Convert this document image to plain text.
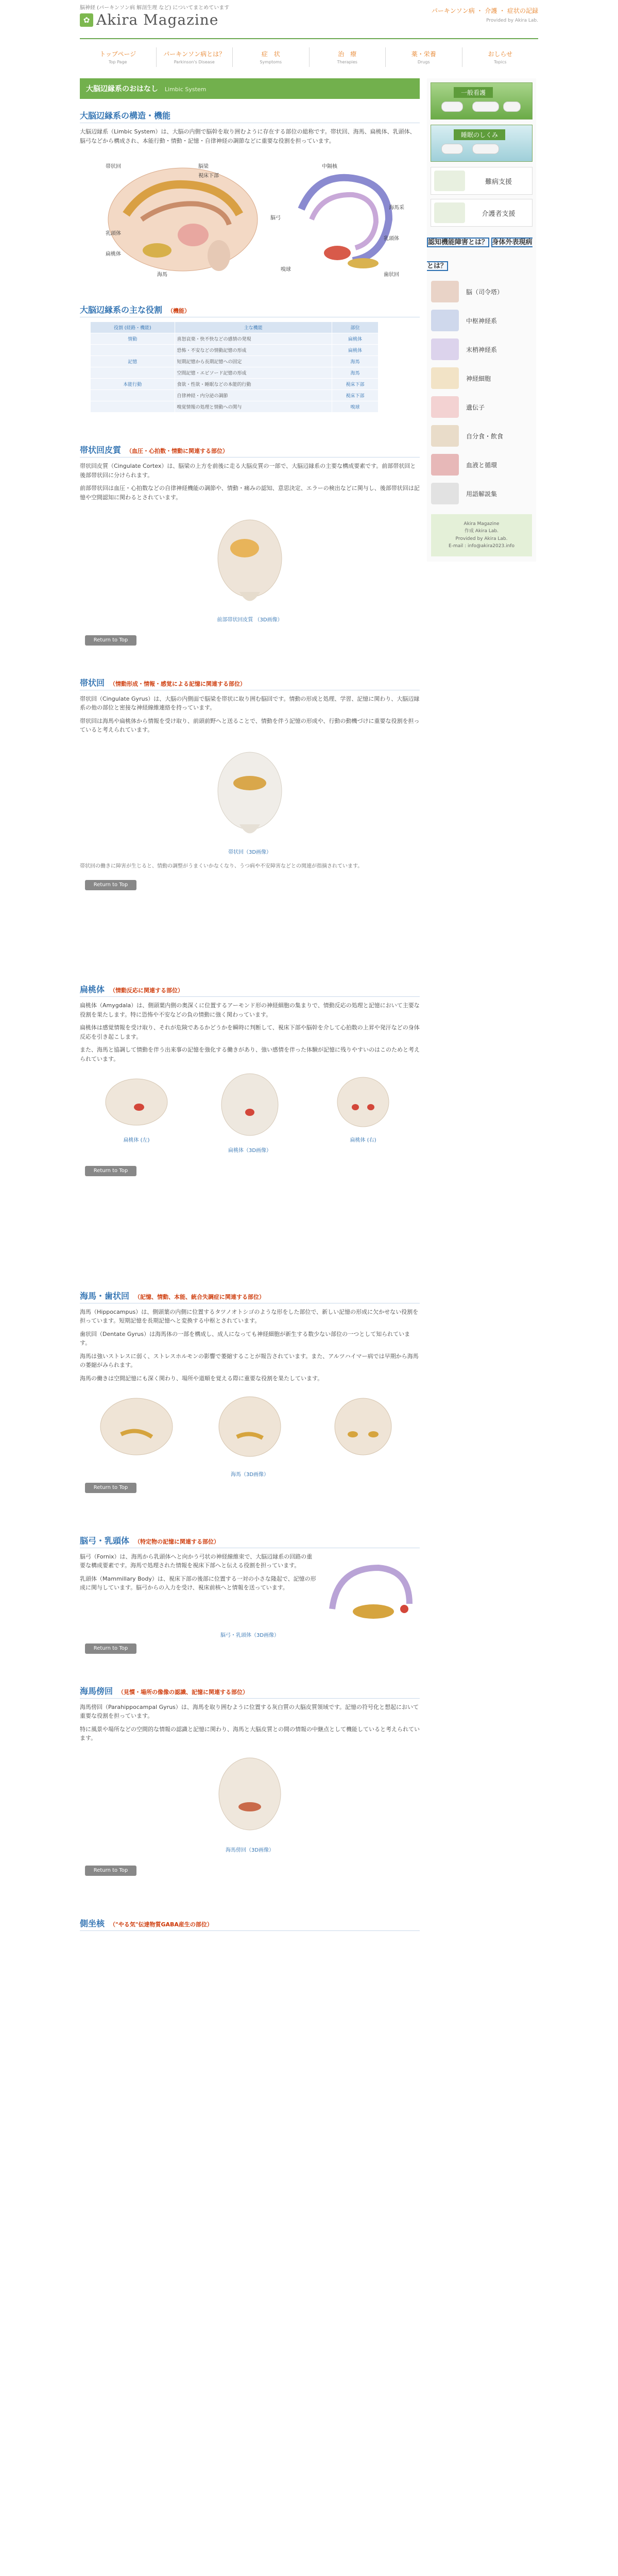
脳神経 (パーキンソン病 解剖生理 など) についてまとめています
✿ Akira Magazine
パーキンソン病 ・ 介護 ・ 症状の記録
Provided by Akira Lab.
トップページ
Top Page
パーキンソン病とは？
Parkinson's Disease
症　状
Symptoms
治　療
Therapies
薬・栄養
Drugs
おしらせ
Topics
大脳辺縁系のおはなし Limbic System
大脳辺縁系の構造・機能

大脳辺縁系（Limbic System）は、大脳の内側で脳幹を取り囲むように存在する部位の総称です。帯状回、海馬、扁桃体、乳頭体、脳弓などから構成され、本能行動・情動・記憶・自律神経の調節などに重要な役割を担っています。

帯状回	脳梁
視床下部
乳頭体
扁桃体
海馬
脳弓
嗅球
中隔核
海馬采
乳頭体
歯状回
大脳辺縁系の主な役割 （機能）
役割 (経路・機能)	主な機能	部位
情動	喜怒哀楽・快不快などの感情の発現	扁桃体
	恐怖・不安などの情動記憶の形成	扁桃体
記憶	短期記憶から長期記憶への固定	海馬
	空間記憶・エピソード記憶の形成	海馬
本能行動	食欲・性欲・睡眠などの本能的行動	視床下部
	自律神経・内分泌の調節	視床下部
	嗅覚情報の処理と情動への関与	嗅球
帯状回皮質 （血圧・心拍数・情動に関連する部位）

帯状回皮質（Cingulate Cortex）は、脳梁の上方を前後に走る大脳皮質の一部で、大脳辺縁系の主要な構成要素です。前部帯状回と後部帯状回に分けられます。

前部帯状回は血圧・心拍数などの自律神経機能の調節や、情動・痛みの認知、意思決定、エラーの検出などに関与し、後部帯状回は記憶や空間認知に関わるとされています。

前部帯状回皮質 （3D画像）
Return to Top
帯状回 （情動形成・情報・感覚による記憶に関連する部位）

帯状回（Cingulate Gyrus）は、大脳の内側面で脳梁を帯状に取り囲む脳回です。情動の形成と処理、学習、記憶に関わり、大脳辺縁系の他の部位と密接な神経線維連絡を持っています。

帯状回は海馬や扁桃体から情報を受け取り、前頭前野へと送ることで、情動を伴う記憶の形成や、行動の動機づけに重要な役割を担っていると考えられています。

帯状回（3D画像）

帯状回の働きに障害が生じると、情動の調整がうまくいかなくなり、うつ病や不安障害などとの関連が指摘されています。

Return to Top
扁桃体 （情動反応に関連する部位）

扁桃体（Amygdala）は、側頭葉内側の奥深くに位置するアーモンド形の神経細胞の集まりで、情動反応の処理と記憶において主要な役割を果たします。特に恐怖や不安などの負の情動に強く関わっています。

扁桃体は感覚情報を受け取り、それが危険であるかどうかを瞬時に判断して、視床下部や脳幹を介して心拍数の上昇や発汗などの身体反応を引き起こします。

また、海馬と協調して情動を伴う出来事の記憶を強化する働きがあり、強い感情を伴った体験が記憶に残りやすいのはこのためと考えられています。

扁桃体 (左)
扁桃体（3D画像）
扁桃体 (右)
Return to Top
海馬・歯状回 （記憶、情動、本能、統合失調症に関連する部位）

海馬（Hippocampus）は、側頭葉の内側に位置するタツノオトシゴのような形をした部位で、新しい記憶の形成に欠かせない役割を担っています。短期記憶を長期記憶へと変換する中枢とされています。

歯状回（Dentate Gyrus）は海馬体の一部を構成し、成人になっても神経細胞が新生する数少ない部位の一つとして知られています。

海馬は強いストレスに弱く、ストレスホルモンの影響で萎縮することが報告されています。また、アルツハイマー病では早期から海馬の萎縮がみられます。

海馬の働きは空間記憶にも深く関わり、場所や道順を覚える際に重要な役割を果たしています。

海馬（3D画像）
Return to Top
脳弓・乳頭体 （特定物の記憶に関連する部位）

脳弓（Fornix）は、海馬から乳頭体へと向かう弓状の神経線維束で、大脳辺縁系の回路の重要な構成要素です。海馬で処理された情報を視床下部へと伝える役割を担っています。

乳頭体（Mammillary Body）は、視床下部の後部に位置する一対の小さな隆起で、記憶の形成に関与しています。脳弓からの入力を受け、視床前核へと情報を送っています。

脳弓・乳頭体（3D画像）
Return to Top
海馬傍回 （見慣・場所の像像の認識、記憶に関連する部位）

海馬傍回（Parahippocampal Gyrus）は、海馬を取り囲むように位置する灰白質の大脳皮質領域です。記憶の符号化と想起において重要な役割を担っています。

特に風景や場所などの空間的な情報の認識と記憶に関わり、海馬と大脳皮質との間の情報の中継点として機能していると考えられています。

海馬傍回（3D画像）
Return to Top
側坐核 （"やる気"伝達物質GABA産生の部位）
一般看護
睡眠のしくみ
難病支援
介護者支援
認知機能障害とは？ 身体外表現病とは？
脳（司令塔）
中枢神経系
末梢神経系
神経細胞
遺伝子
自分食・飲食
血液と循環
用語解説集
Akira Magazine
作成 Akira Lab.
Provided by Akira Lab.
E-mail : info@akira2023.info
